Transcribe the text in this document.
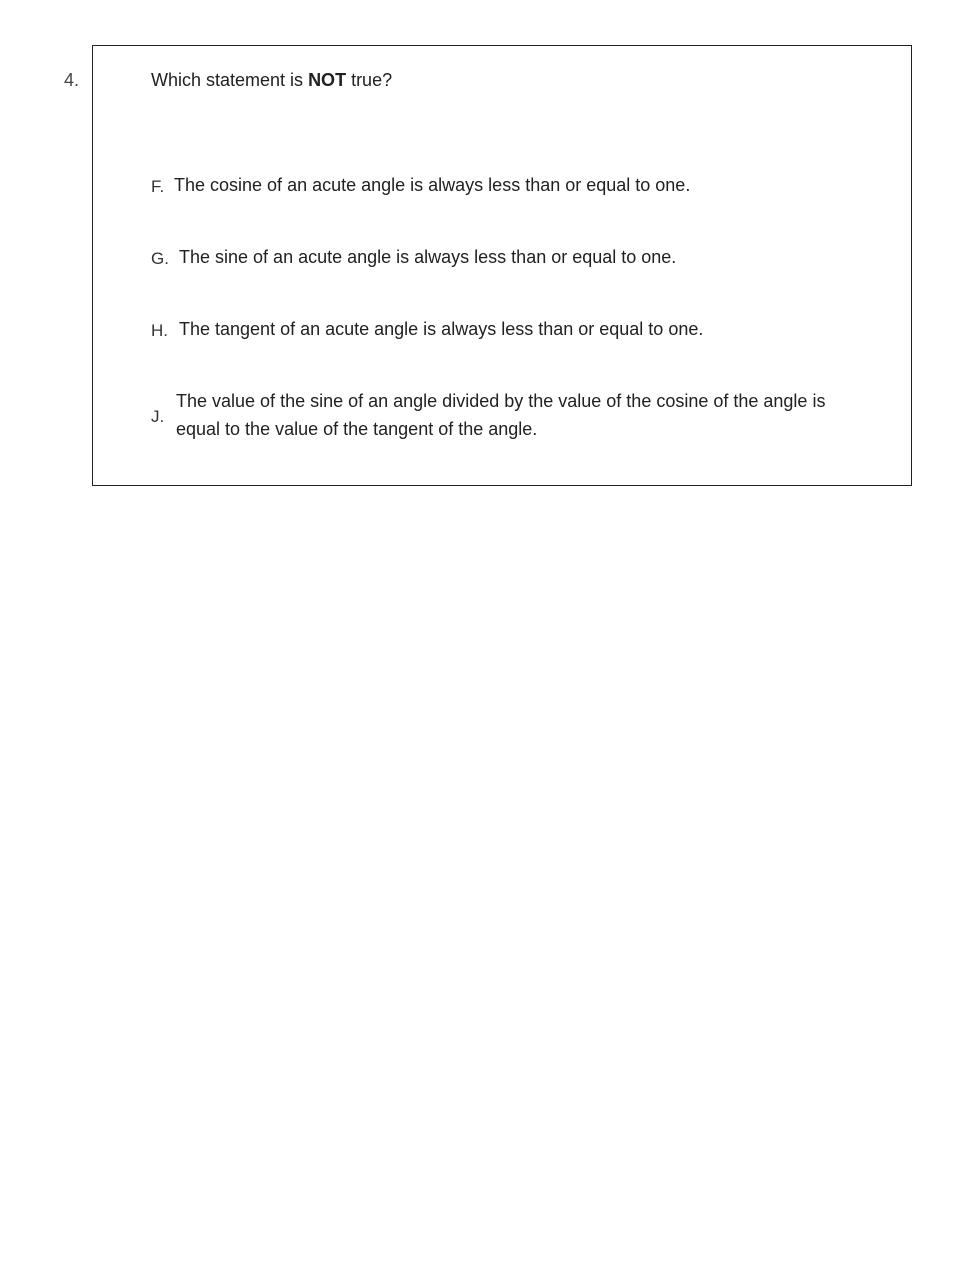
4.	Which statement is NOT true?
F. The cosine of an acute angle is always less than or equal to one.
G. The sine of an acute angle is always less than or equal to one.
H. The tangent of an acute angle is always less than or equal to one.
J.
The value of the sine of an angle divided by the value of the cosine of the angle is equal to the value of the tangent of the angle.
